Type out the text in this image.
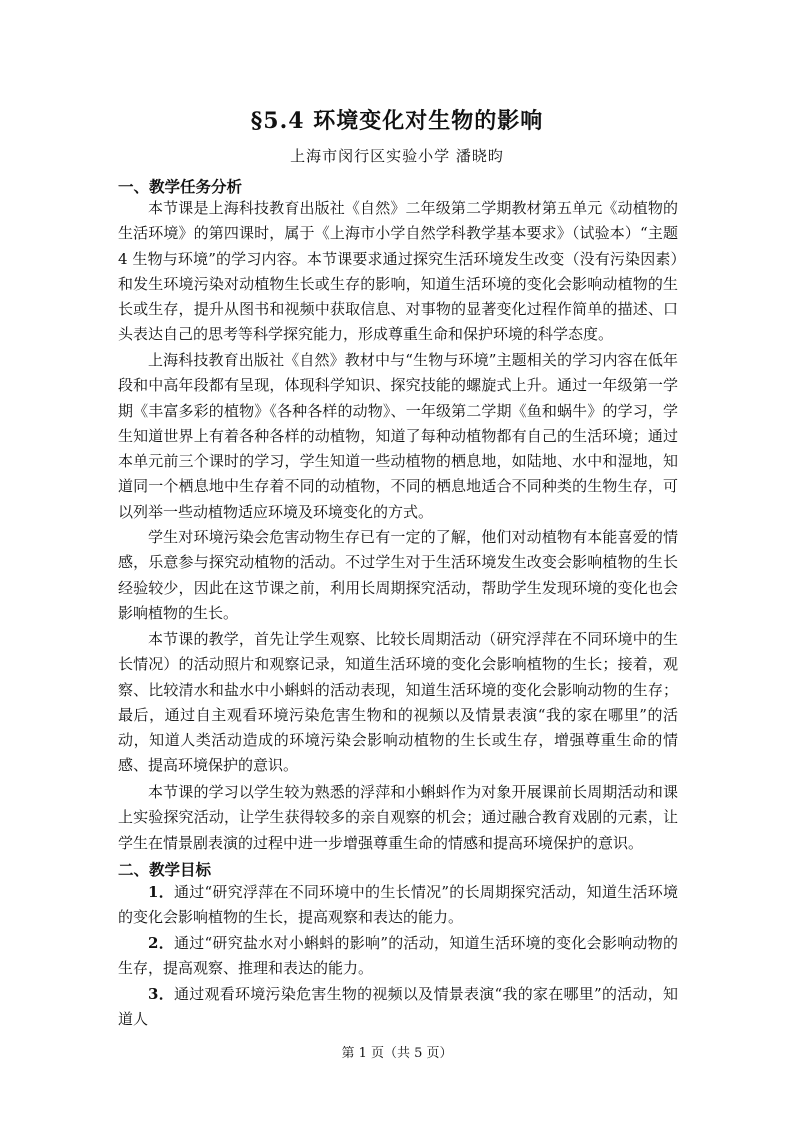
§5.4 环境变化对生物的影响
上海市闵行区实验小学 潘晓昀
一、教学任务分析

本节课是上海科技教育出版社《自然》二年级第二学期教材第五单元《动植物的生活环境》的第四课时，属于《上海市小学自然学科教学基本要求》（试验本）“主题4 生物与环境”的学习内容。本节课要求通过探究生活环境发生改变（没有污染因素）和发生环境污染对动植物生长或生存的影响，知道生活环境的变化会影响动植物的生长或生存，提升从图书和视频中获取信息、对事物的显著变化过程作简单的描述、口头表达自己的思考等科学探究能力，形成尊重生命和保护环境的科学态度。

上海科技教育出版社《自然》教材中与“生物与环境”主题相关的学习内容在低年段和中高年段都有呈现，体现科学知识、探究技能的螺旋式上升。通过一年级第一学期《丰富多彩的植物》《各种各样的动物》、一年级第二学期《鱼和蜗牛》的学习，学生知道世界上有着各种各样的动植物，知道了每种动植物都有自己的生活环境；通过本单元前三个课时的学习，学生知道一些动植物的栖息地，如陆地、水中和湿地，知道同一个栖息地中生存着不同的动植物，不同的栖息地适合不同种类的生物生存，可以列举一些动植物适应环境及环境变化的方式。

学生对环境污染会危害动物生存已有一定的了解，他们对动植物有本能喜爱的情感，乐意参与探究动植物的活动。不过学生对于生活环境发生改变会影响植物的生长经验较少，因此在这节课之前，利用长周期探究活动，帮助学生发现环境的变化也会影响植物的生长。

本节课的教学，首先让学生观察、比较长周期活动（研究浮萍在不同环境中的生长情况）的活动照片和观察记录，知道生活环境的变化会影响植物的生长；接着，观察、比较清水和盐水中小蝌蚪的活动表现，知道生活环境的变化会影响动物的生存；最后，通过自主观看环境污染危害生物和的视频以及情景表演“我的家在哪里”的活动，知道人类活动造成的环境污染会影响动植物的生长或生存，增强尊重生命的情感、提高环境保护的意识。

本节课的学习以学生较为熟悉的浮萍和小蝌蚪作为对象开展课前长周期活动和课上实验探究活动，让学生获得较多的亲自观察的机会；通过融合教育戏剧的元素，让学生在情景剧表演的过程中进一步增强尊重生命的情感和提高环境保护的意识。

二、教学目标

1．通过“研究浮萍在不同环境中的生长情况”的长周期探究活动，知道生活环境的变化会影响植物的生长，提高观察和表达的能力。

2．通过“研究盐水对小蝌蚪的影响”的活动，知道生活环境的变化会影响动物的生存，提高观察、推理和表达的能力。

3．通过观看环境污染危害生物的视频以及情景表演“我的家在哪里”的活动，知道人

第 1 页（共 5 页）
